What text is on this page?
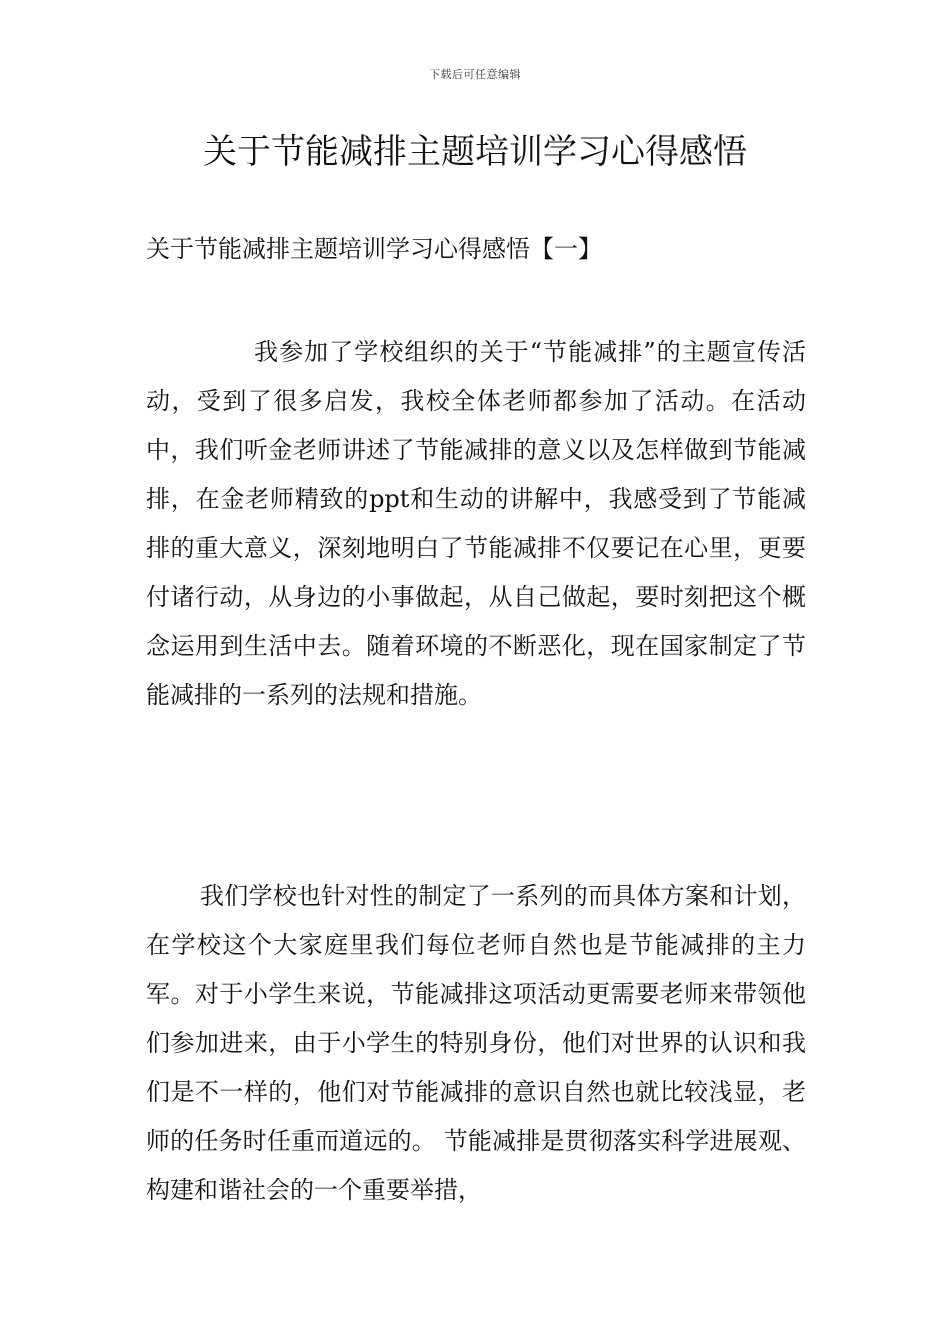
下载后可任意编辑
关于节能减排主题培训学习心得感悟

关于节能减排主题培训学习心得感悟【一】

我参加了学校组织的关于“节能减排”的主题宣传活动，受到了很多启发，我校全体老师都参加了活动。在活动中，我们听金老师讲述了节能减排的意义以及怎样做到节能减排，在金老师精致的ppt和生动的讲解中，我感受到了节能减排的重大意义，深刻地明白了节能减排不仅要记在心里，更要付诸行动，从身边的小事做起，从自己做起，要时刻把这个概念运用到生活中去。随着环境的不断恶化，现在国家制定了节能减排的一系列的法规和措施。

我们学校也针对性的制定了一系列的而具体方案和计划，在学校这个大家庭里我们每位老师自然也是节能减排的主力军。对于小学生来说，节能减排这项活动更需要老师来带领他们参加进来，由于小学生的特别身份，他们对世界的认识和我们是不一样的，他们对节能减排的意识自然也就比较浅显，老师的任务时任重而道远的。 节能减排是贯彻落实科学进展观、构建和谐社会的一个重要举措，
